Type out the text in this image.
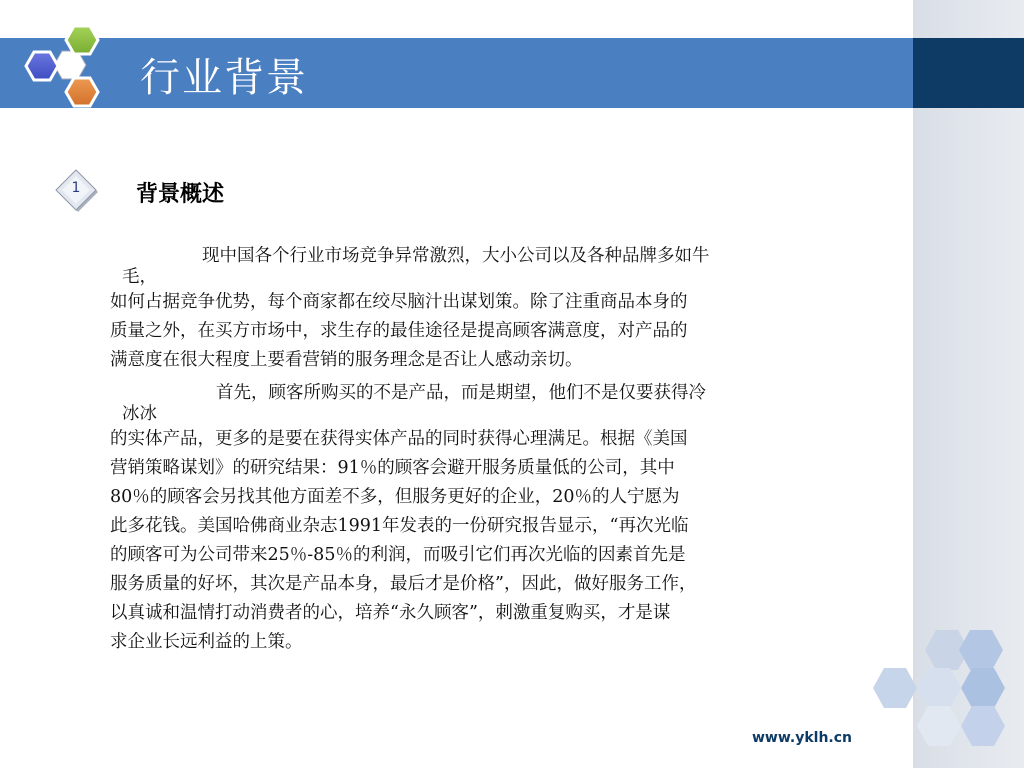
行业背景
1	背景概述
现中国各个行业市场竞争异常激烈，大小公司以及各种品牌多如牛
毛，
如何占据竞争优势，每个商家都在绞尽脑汁出谋划策。除了注重商品本身的
质量之外，在买方市场中，求生存的最佳途径是提高顾客满意度，对产品的
满意度在很大程度上要看营销的服务理念是否让人感动亲切。
首先，顾客所购买的不是产品，而是期望，他们不是仅要获得冷
冰冰
的实体产品，更多的是要在获得实体产品的同时获得心理满足。根据《美国
营销策略谋划》的研究结果：91％的顾客会避开服务质量低的公司，其中
80％的顾客会另找其他方面差不多，但服务更好的企业，20％的人宁愿为
此多花钱。美国哈佛商业杂志1991年发表的一份研究报告显示，“再次光临
的顾客可为公司带来25％-85％的利润，而吸引它们再次光临的因素首先是
服务质量的好坏，其次是产品本身，最后才是价格”，因此，做好服务工作，
以真诚和温情打动消费者的心，培养“永久顾客”，刺激重复购买，才是谋
求企业长远利益的上策。
www.yklh.cn
